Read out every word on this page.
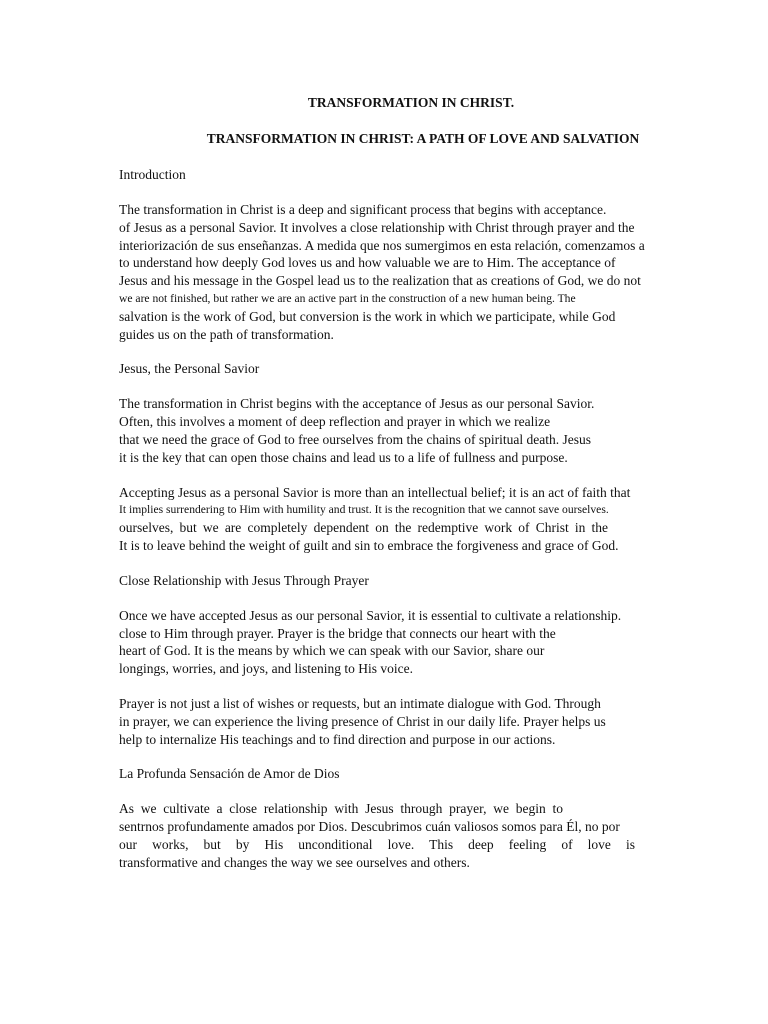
TRANSFORMATION IN CHRIST.
TRANSFORMATION IN CHRIST: A PATH OF LOVE AND SALVATION

Introduction

The transformation in Christ is a deep and significant process that begins with acceptance.
of Jesus as a personal Savior. It involves a close relationship with Christ through prayer and the
interiorización de sus enseñanzas. A medida que nos sumergimos en esta relación, comenzamos a
to understand how deeply God loves us and how valuable we are to Him. The acceptance of
Jesus and his message in the Gospel lead us to the realization that as creations of God, we do not
we are not finished, but rather we are an active part in the construction of a new human being. The
salvation is the work of God, but conversion is the work in which we participate, while God
guides us on the path of transformation.

Jesus, the Personal Savior

The transformation in Christ begins with the acceptance of Jesus as our personal Savior.
Often, this involves a moment of deep reflection and prayer in which we realize
that we need the grace of God to free ourselves from the chains of spiritual death. Jesus
it is the key that can open those chains and lead us to a life of fullness and purpose.

Accepting Jesus as a personal Savior is more than an intellectual belief; it is an act of faith that
It implies surrendering to Him with humility and trust. It is the recognition that we cannot save ourselves.
ourselves, but we are completely dependent on the redemptive work of Christ in the
It is to leave behind the weight of guilt and sin to embrace the forgiveness and grace of God.

Close Relationship with Jesus Through Prayer

Once we have accepted Jesus as our personal Savior, it is essential to cultivate a relationship.
close to Him through prayer. Prayer is the bridge that connects our heart with the
heart of God. It is the means by which we can speak with our Savior, share our
longings, worries, and joys, and listening to His voice.

Prayer is not just a list of wishes or requests, but an intimate dialogue with God. Through
in prayer, we can experience the living presence of Christ in our daily life. Prayer helps us
help to internalize His teachings and to find direction and purpose in our actions.

La Profunda Sensación de Amor de Dios

As we cultivate a close relationship with Jesus through prayer, we begin to
sentrnos profundamente amados por Dios. Descubrimos cuán valiosos somos para Él, no por
our works, but by His unconditional love. This deep feeling of love is
transformative and changes the way we see ourselves and others.
